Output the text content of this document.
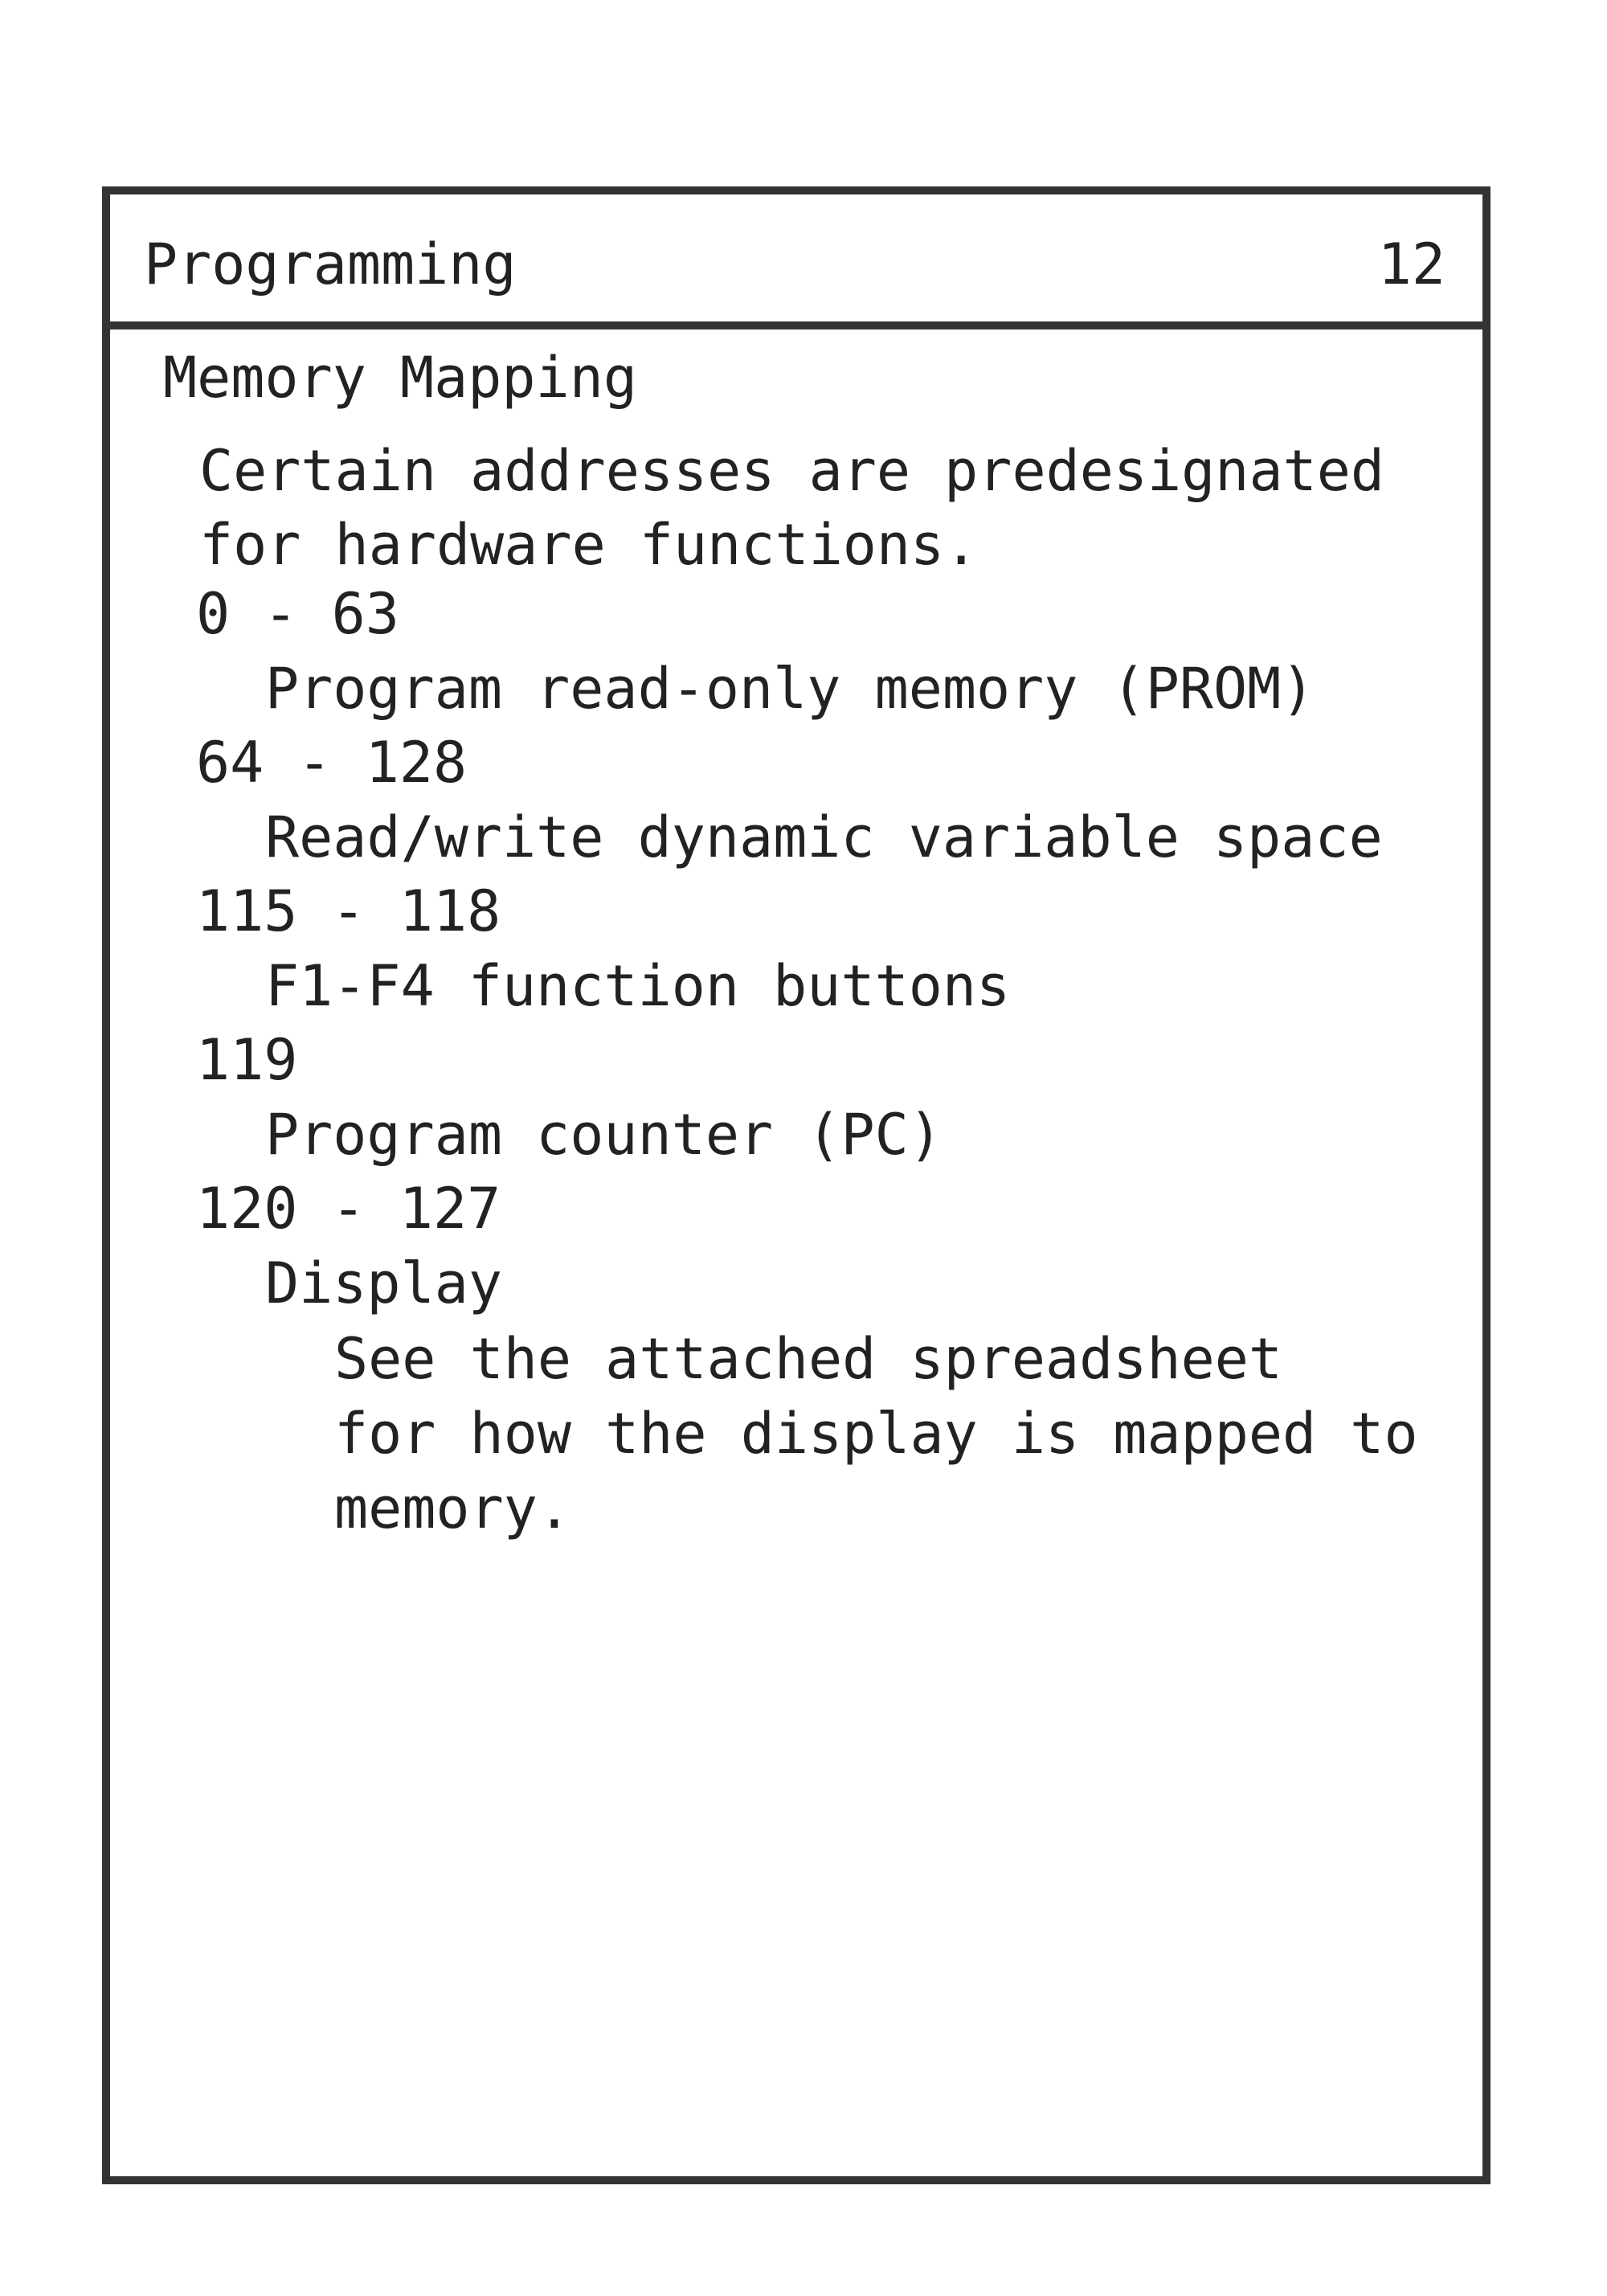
Programming	12
Memory Mapping
Certain addresses are predesignated
for hardware functions.
0 - 63
Program read-only memory (PROM)
64 - 128
Read/write dynamic variable space
115 - 118
F1-F4 function buttons
119
Program counter (PC)
120 - 127
Display
See the attached spreadsheet
for how the display is mapped to
memory.
